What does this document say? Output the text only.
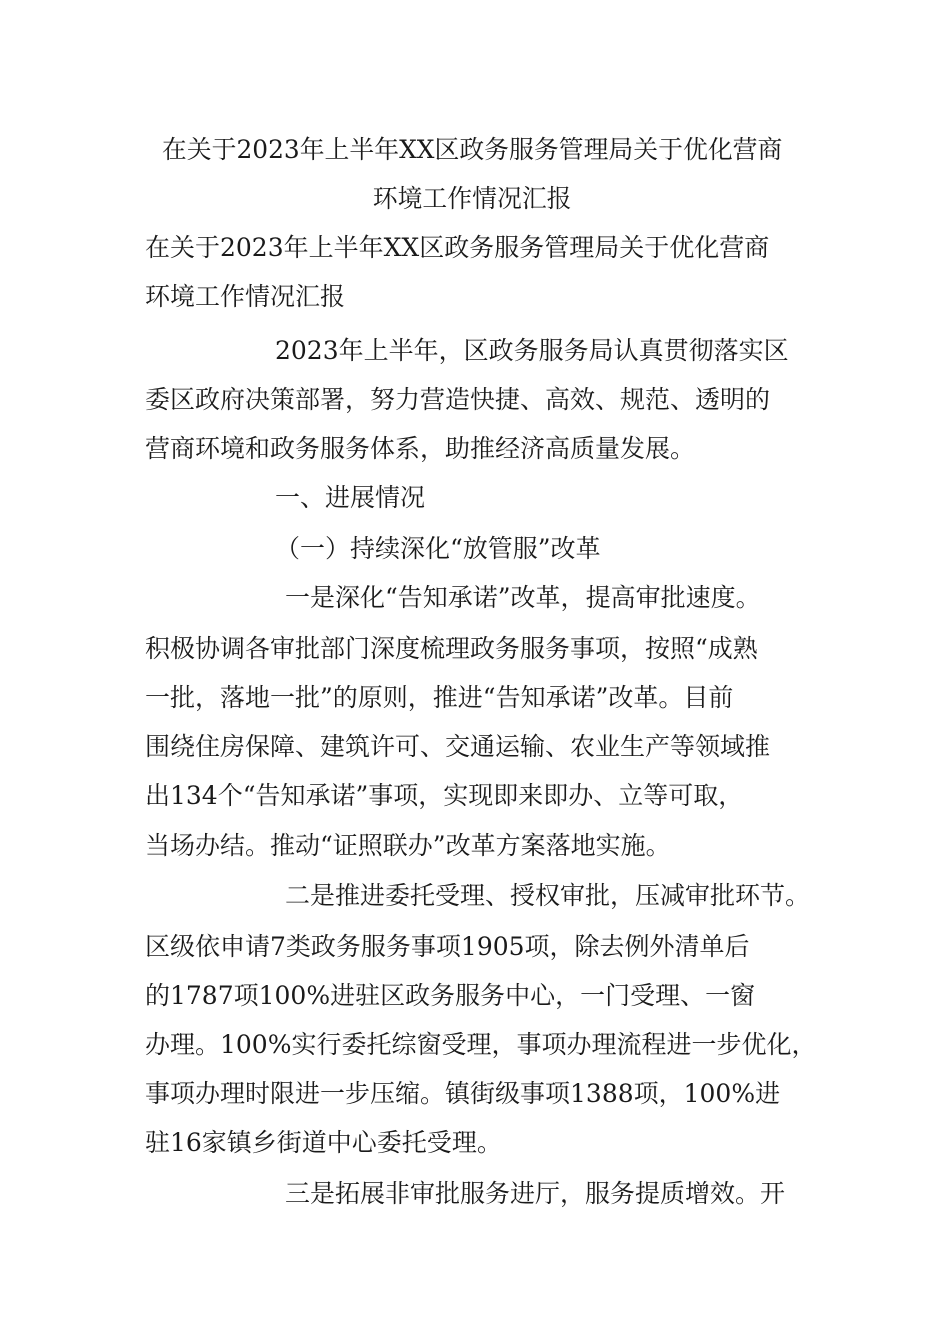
在关于2023年上半年XX区政务服务管理局关于优化营商
环境工作情况汇报
在关于2023年上半年XX区政务服务管理局关于优化营商
环境工作情况汇报
2023年上半年，区政务服务局认真贯彻落实区
委区政府决策部署，努力营造快捷、高效、规范、透明的
营商环境和政务服务体系，助推经济高质量发展。
一、进展情况
（一）持续深化“放管服”改革
一是深化“告知承诺”改革，提高审批速度。
积极协调各审批部门深度梳理政务服务事项，按照“成熟
一批，落地一批”的原则，推进“告知承诺”改革。目前
围绕住房保障、建筑许可、交通运输、农业生产等领域推
出134个“告知承诺”事项，实现即来即办、立等可取，
当场办结。推动“证照联办”改革方案落地实施。
二是推进委托受理、授权审批，压减审批环节。
区级依申请7类政务服务事项1905项，除去例外清单后
的1787项100%进驻区政务服务中心，一门受理、一窗
办理。100%实行委托综窗受理，事项办理流程进一步优化，
事项办理时限进一步压缩。镇街级事项1388项，100%进
驻16家镇乡街道中心委托受理。
三是拓展非审批服务进厅，服务提质增效。开
